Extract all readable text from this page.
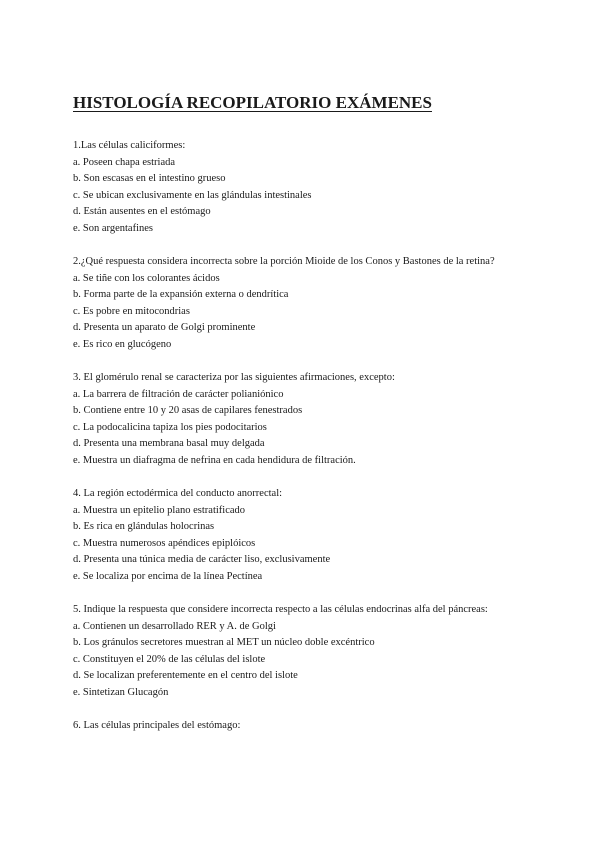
HISTOLOGÍA RECOPILATORIO EXÁMENES

1.Las células caliciformes:

a. Poseen chapa estriada
b. Son escasas en el intestino grueso
c. Se ubican exclusivamente en las glándulas intestinales
d. Están ausentes en el estómago
e. Son argentafines

2.¿Qué respuesta considera incorrecta sobre la porción Mioide de los Conos y Bastones de la retina?

a. Se tiñe con los colorantes ácidos
b. Forma parte de la expansión externa o dendrítica
c. Es pobre en mitocondrias
d. Presenta un aparato de Golgi prominente
e. Es rico en glucógeno

3. El glomérulo renal se caracteriza por las siguientes afirmaciones, excepto:

a. La barrera de filtración de carácter polianiónico
b. Contiene entre 10 y 20 asas de capilares fenestrados
c. La podocalicina tapiza los pies podocitarios
d. Presenta una membrana basal muy delgada
e. Muestra un diafragma de nefrina en cada hendidura de filtración.

4. La región ectodérmica del conducto anorrectal:

a. Muestra un epitelio plano estratificado
b. Es rica en glándulas holocrinas
c. Muestra numerosos apéndices epiplóicos
d. Presenta una túnica media de carácter liso, exclusivamente
e. Se localiza por encima de la línea Pectínea

5. Indique la respuesta que considere incorrecta respecto a las células endocrinas alfa del páncreas:

a. Contienen un desarrollado RER y A. de Golgi
b. Los gránulos secretores muestran al MET un núcleo doble excéntrico
c. Constituyen el 20% de las células del islote
d. Se localizan preferentemente en el centro del islote
e. Sintetizan Glucagón

6. Las células principales del estómago:
